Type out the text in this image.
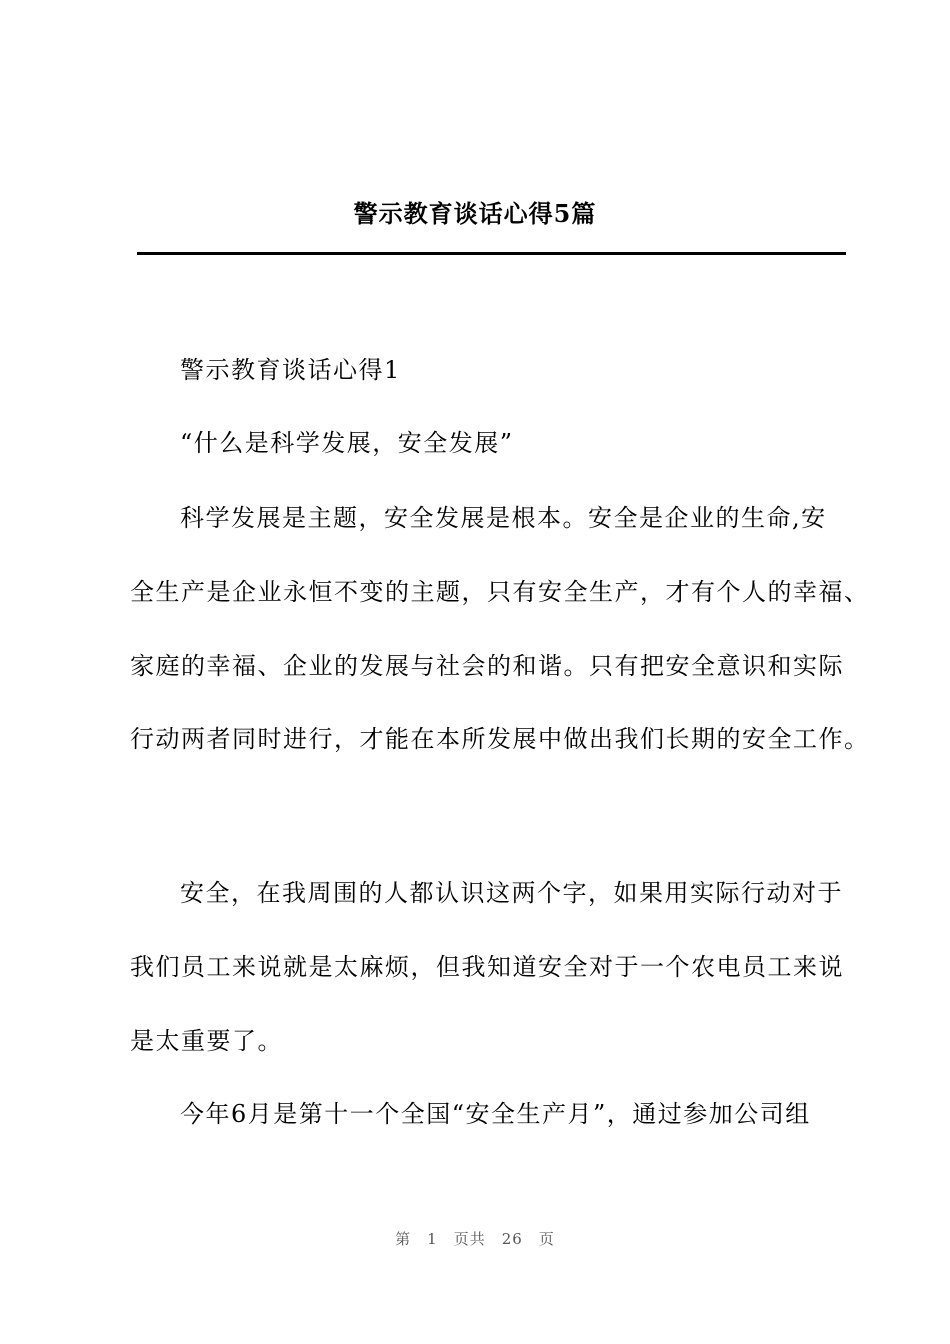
警示教育谈话心得5篇
警示教育谈话心得1
“什么是科学发展，安全发展”
科学发展是主题，安全发展是根本。安全是企业的生命,安
全生产是企业永恒不变的主题，只有安全生产，才有个人的幸福、
家庭的幸福、企业的发展与社会的和谐。只有把安全意识和实际
行动两者同时进行，才能在本所发展中做出我们长期的安全工作。
安全，在我周围的人都认识这两个字，如果用实际行动对于
我们员工来说就是太麻烦，但我知道安全对于一个农电员工来说
是太重要了。
今年6月是第十一个全国“安全生产月”，通过参加公司组
第 1 页共 26 页
